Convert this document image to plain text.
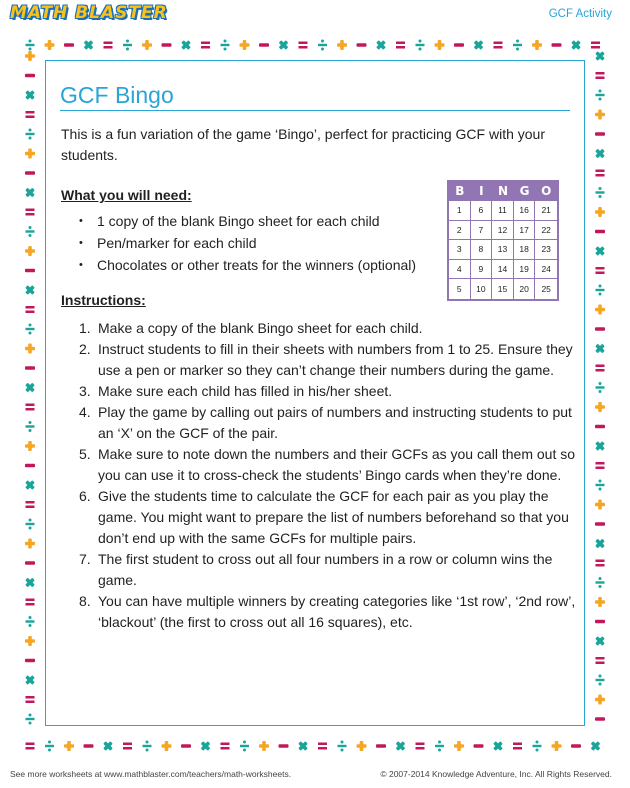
MATH BLASTER	GCF Activity
GCF Bingo

This is a fun variation of the game ‘Bingo’, perfect for practicing GCF with your students.

What you will need:

• 1 copy of the blank Bingo sheet for each child
• Pen/marker for each child
• Chocolates or other treats for the winners (optional)
B	I	N G O
1	6	11	16	21
2	7	12	17	22
3	8	13	18	23
4	9	14	19	24
5	10	15	20	25

Instructions:

1. Make a copy of the blank Bingo sheet for each child.
2. Instruct students to fill in their sheets with numbers from 1 to 25. Ensure they use a pen or marker so they can’t change their numbers during the game.
3. Make sure each child has filled in his/her sheet.
4. Play the game by calling out pairs of numbers and instructing students to put an ‘X’ on the GCF of the pair.
5. Make sure to note down the numbers and their GCFs as you call them out so you can use it to cross-check the students’ Bingo cards when they’re done.
6. Give the students time to calculate the GCF for each pair as you play the game. You might want to prepare the list of numbers beforehand so that you don’t end up with the same GCFs for multiple pairs.
7. The first student to cross out all four numbers in a row or column wins the game.
8. You can have multiple winners by creating categories like ‘1st row’, ‘2nd row’, ‘blackout’ (the first to cross out all 16 squares), etc.
See more worksheets at www.mathblaster.com/teachers/math-worksheets.	© 2007-2014 Knowledge Adventure, Inc. All Rights Reserved.
